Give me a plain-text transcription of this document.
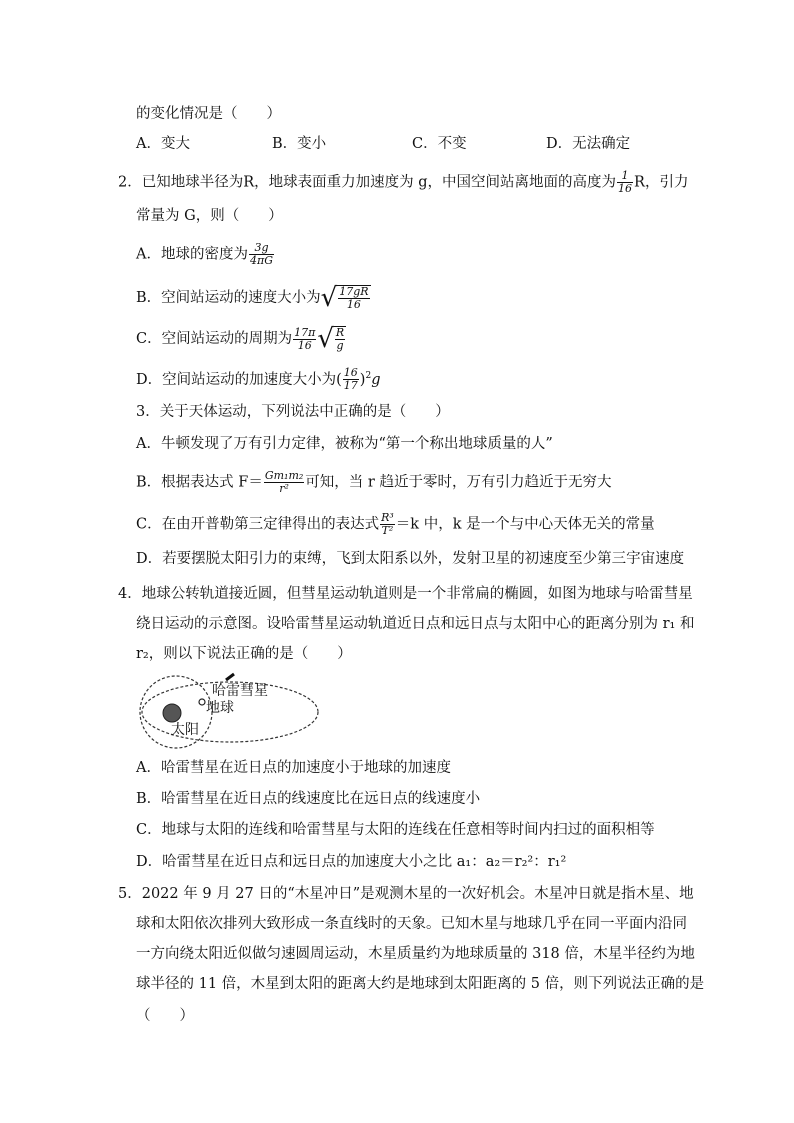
的变化情况是（　　）
A．变大	B．变小	C．不变	D．无法确定
2．已知地球半径为R，地球表面重力加速度为 g，中国空间站离地面的高度为 $\frac{1}{16}$ R，引力
常量为 G，则（　　）
A．地球的密度为 $\frac{3g}{4\pi G}$
B．空间站运动的速度大小为√ $\frac{17gR}{16}$
C．空间站运动的周期为 $\frac{17\pi}{16}$ √ $\frac{R}{g}$
D．空间站运动的加速度大小为( $\frac{16}{17} )^2g$
3．关于天体运动，下列说法中正确的是（　　）
A．牛顿发现了万有引力定律，被称为“第一个称出地球质量的人”
B．根据表达式 $F= \frac{\text{Gm₁m₂}}{\text{r²}}$ 可知，当 r 趋近于零时，万有引力趋近于无穷大
C．在由开普勒第三定律得出的表达式 $\frac{\text{R³}}{\text{T²}} =k$ 中，k 是一个与中心天体无关的常量
D．若要摆脱太阳引力的束缚，飞到太阳系以外，发射卫星的初速度至少第三宇宙速度
4．地球公转轨道接近圆，但彗星运动轨道则是一个非常扁的椭圆，如图为地球与哈雷彗星
绕日运动的示意图。设哈雷彗星运动轨道近日点和远日点与太阳中心的距离分别为 r₁ 和
r₂，则以下说法正确的是（　　）
哈雷彗星
地球
太阳
A．哈雷彗星在近日点的加速度小于地球的加速度
B．哈雷彗星在近日点的线速度比在远日点的线速度小
C．地球与太阳的连线和哈雷彗星与太阳的连线在任意相等时间内扫过的面积相等
D．哈雷彗星在近日点和远日点的加速度大小之比 a₁：a₂＝r₂²：r₁²
5．2022 年 9 月 27 日的“木星冲日”是观测木星的一次好机会。木星冲日就是指木星、地
球和太阳依次排列大致形成一条直线时的天象。已知木星与地球几乎在同一平面内沿同
一方向绕太阳近似做匀速圆周运动，木星质量约为地球质量的 318 倍，木星半径约为地
球半径的 11 倍，木星到太阳的距离大约是地球到太阳距离的 5 倍，则下列说法正确的是
（　　）
